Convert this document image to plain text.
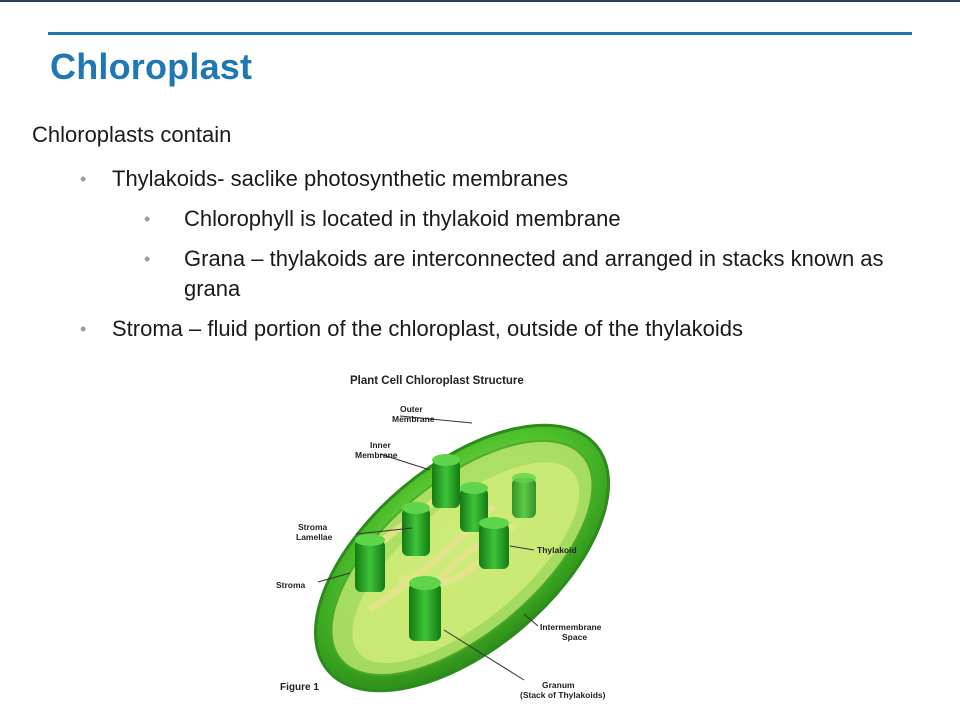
Chloroplast

Chloroplasts contain

• Thylakoids- saclike photosynthetic membranes
• Chlorophyll is located in thylakoid membrane
• Grana – thylakoids are interconnected and arranged in stacks known as grana
• Stroma – fluid portion of the chloroplast, outside of the thylakoids
Plant Cell Chloroplast Structure
Outer Membrane
Inner Membrane
Stroma Lamellae
Stroma
Thylakoid
Intermembrane Space
Granum (Stack of Thylakoids)
Figure 1
